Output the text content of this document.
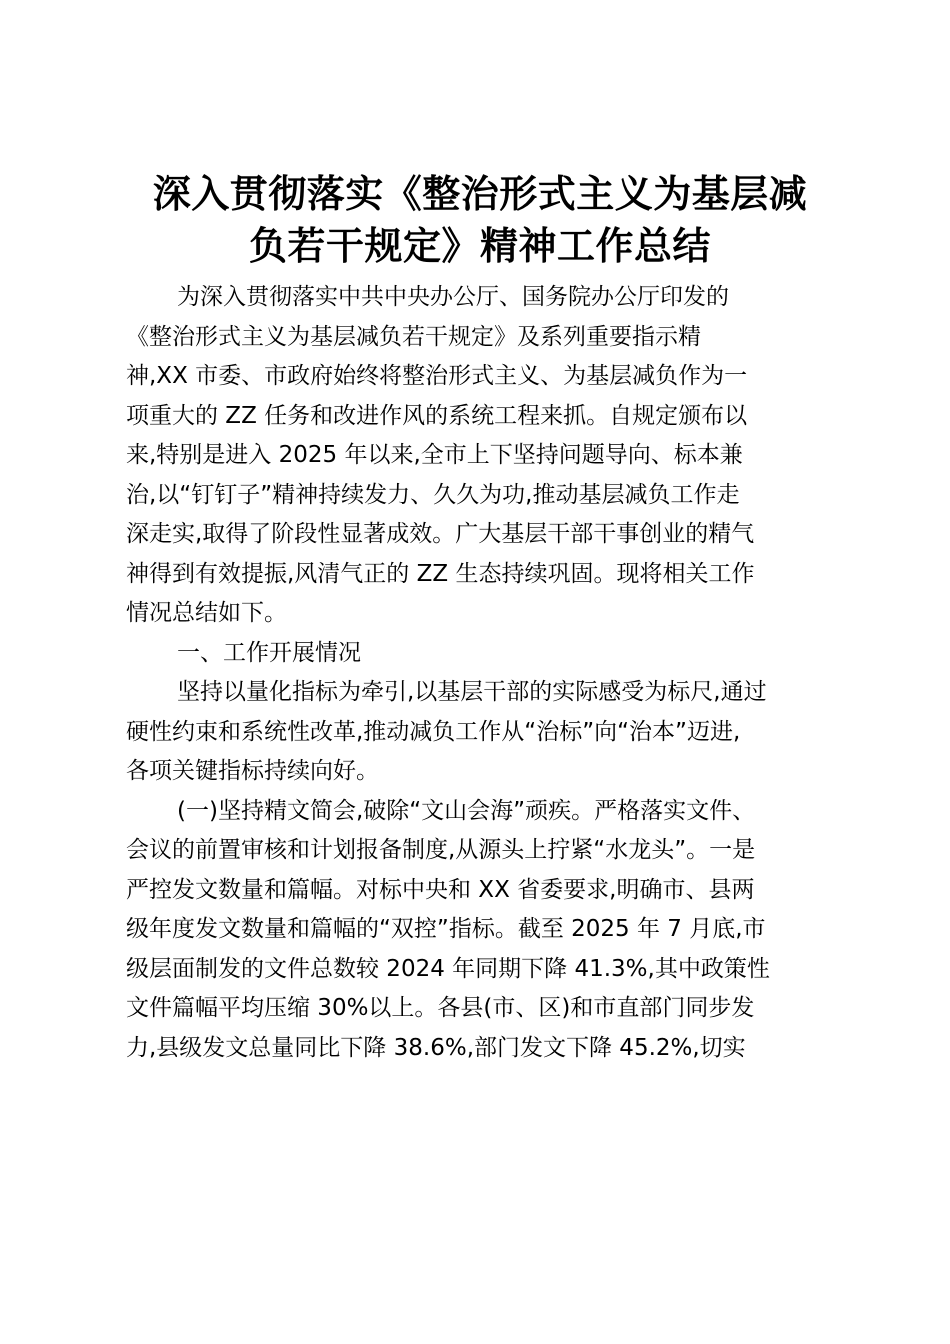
深入贯彻落实《整治形式主义为基层减
负若干规定》精神工作总结
为深入贯彻落实中共中央办公厅、国务院办公厅印发的
《整治形式主义为基层减负若干规定》及系列重要指示精
神,XX 市委、市政府始终将整治形式主义、为基层减负作为一
项重大的 ZZ 任务和改进作风的系统工程来抓。自规定颁布以
来,特别是进入 2025 年以来,全市上下坚持问题导向、标本兼
治,以“钉钉子”精神持续发力、久久为功,推动基层减负工作走
深走实,取得了阶段性显著成效。广大基层干部干事创业的精气
神得到有效提振,风清气正的 ZZ 生态持续巩固。现将相关工作
情况总结如下。
一、工作开展情况
坚持以量化指标为牵引,以基层干部的实际感受为标尺,通过
硬性约束和系统性改革,推动减负工作从“治标”向“治本”迈进,
各项关键指标持续向好。
(一)坚持精文简会,破除“文山会海”顽疾。严格落实文件、
会议的前置审核和计划报备制度,从源头上拧紧“水龙头”。一是
严控发文数量和篇幅。对标中央和 XX 省委要求,明确市、县两
级年度发文数量和篇幅的“双控”指标。截至 2025 年 7 月底,市
级层面制发的文件总数较 2024 年同期下降 41.3%,其中政策性
文件篇幅平均压缩 30%以上。各县(市、区)和市直部门同步发
力,县级发文总量同比下降 38.6%,部门发文下降 45.2%,切实
